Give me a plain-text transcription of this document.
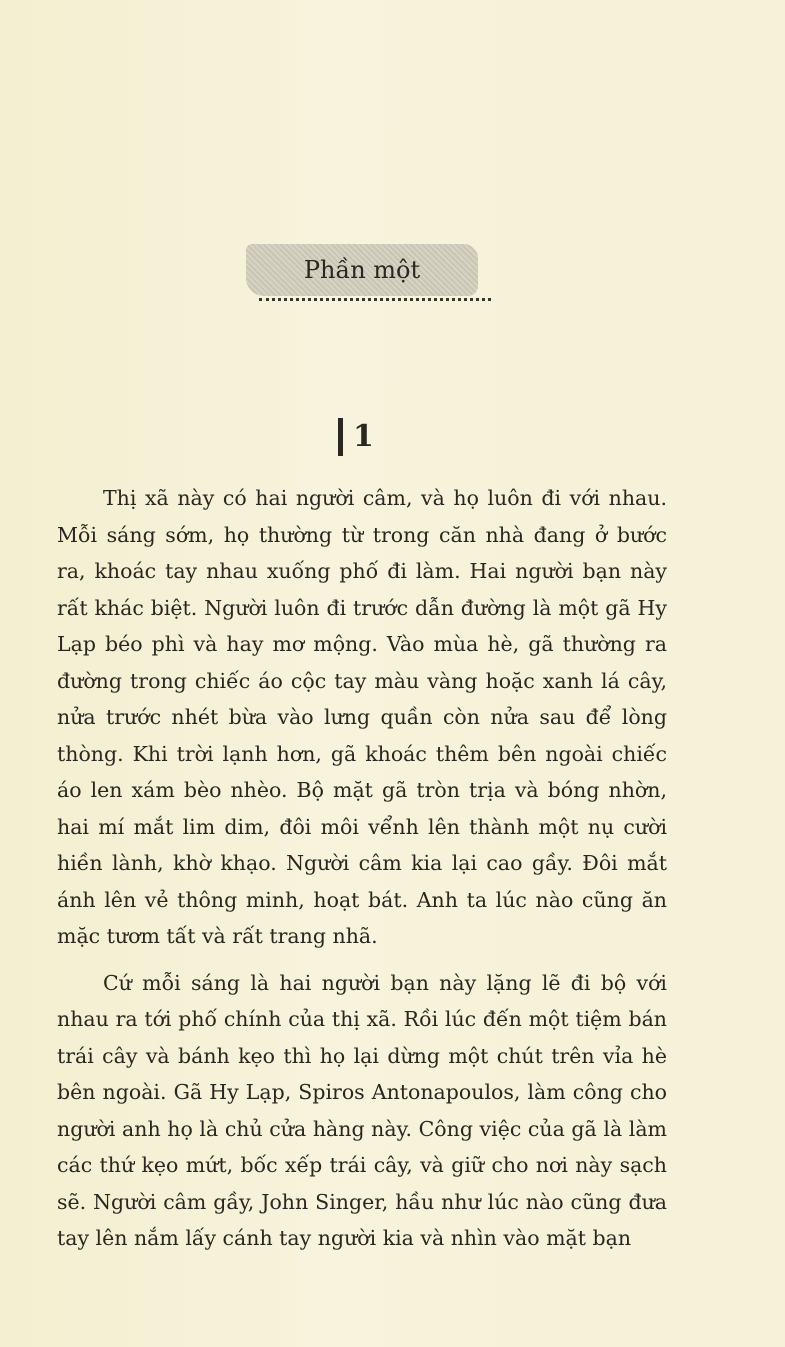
Phần một
1

Thị xã này có hai người câm, và họ luôn đi với nhau. Mỗi sáng sớm, họ thường từ trong căn nhà đang ở bước ra, khoác tay nhau xuống phố đi làm. Hai người bạn này rất khác biệt. Người luôn đi trước dẫn đường là một gã Hy Lạp béo phì và hay mơ mộng. Vào mùa hè, gã thường ra đường trong chiếc áo cộc tay màu vàng hoặc xanh lá cây, nửa trước nhét bừa vào lưng quần còn nửa sau để lòng thòng. Khi trời lạnh hơn, gã khoác thêm bên ngoài chiếc áo len xám bèo nhèo. Bộ mặt gã tròn trịa và bóng nhờn, hai mí mắt lim dim, đôi môi vểnh lên thành một nụ cười hiền lành, khờ khạo. Người câm kia lại cao gầy. Đôi mắt ánh lên vẻ thông minh, hoạt bát. Anh ta lúc nào cũng ăn mặc tươm tất và rất trang nhã.

Cứ mỗi sáng là hai người bạn này lặng lẽ đi bộ với nhau ra tới phố chính của thị xã. Rồi lúc đến một tiệm bán trái cây và bánh kẹo thì họ lại dừng một chút trên vỉa hè bên ngoài. Gã Hy Lạp, Spiros Antonapoulos, làm công cho người anh họ là chủ cửa hàng này. Công việc của gã là làm các thứ kẹo mứt, bốc xếp trái cây, và giữ cho nơi này sạch sẽ. Người câm gầy, John Singer, hầu như lúc nào cũng đưa tay lên nắm lấy cánh tay người kia và nhìn vào mặt bạn
